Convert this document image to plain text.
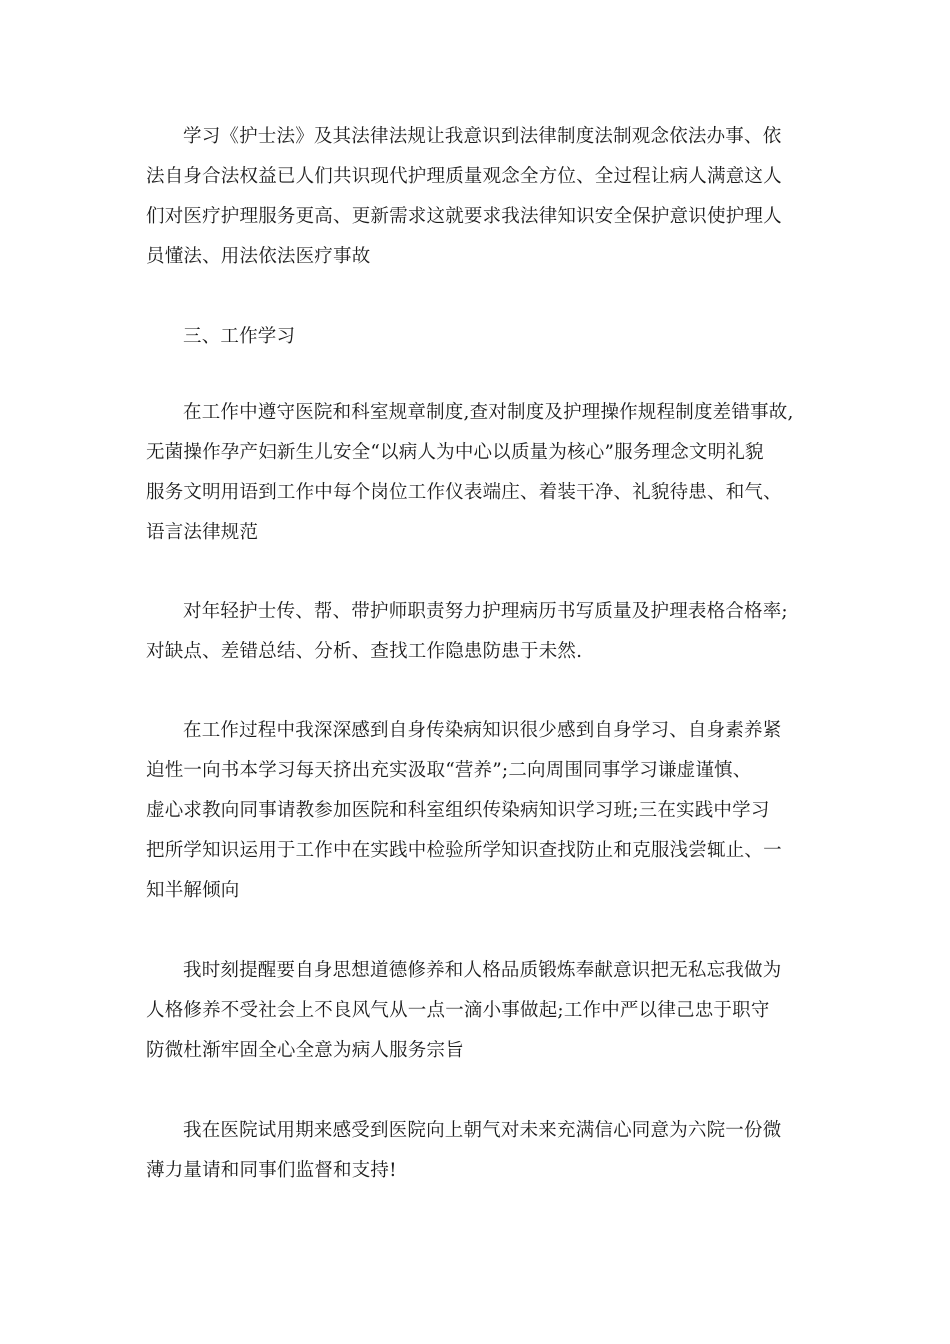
学习《护士法》及其法律法规让我意识到法律制度法制观念依法办事、依
法自身合法权益已人们共识现代护理质量观念全方位、全过程让病人满意这人
们对医疗护理服务更高、更新需求这就要求我法律知识安全保护意识使护理人
员懂法、用法依法医疗事故
三、工作学习
在工作中遵守医院和科室规章制度,查对制度及护理操作规程制度差错事故,
无菌操作孕产妇新生儿安全“以病人为中心以质量为核心”服务理念文明礼貌
服务文明用语到工作中每个岗位工作仪表端庄、着装干净、礼貌待患、和气、
语言法律规范
对年轻护士传、帮、带护师职责努力护理病历书写质量及护理表格合格率;
对缺点、差错总结、分析、查找工作隐患防患于未然.
在工作过程中我深深感到自身传染病知识很少感到自身学习、自身素养紧
迫性一向书本学习每天挤出充实汲取“营养”;二向周围同事学习谦虚谨慎、
虚心求教向同事请教参加医院和科室组织传染病知识学习班;三在实践中学习
把所学知识运用于工作中在实践中检验所学知识查找防止和克服浅尝辄止、一
知半解倾向
我时刻提醒要自身思想道德修养和人格品质锻炼奉献意识把无私忘我做为
人格修养不受社会上不良风气从一点一滴小事做起;工作中严以律己忠于职守
防微杜渐牢固全心全意为病人服务宗旨
我在医院试用期来感受到医院向上朝气对未来充满信心同意为六院一份微
薄力量请和同事们监督和支持!
